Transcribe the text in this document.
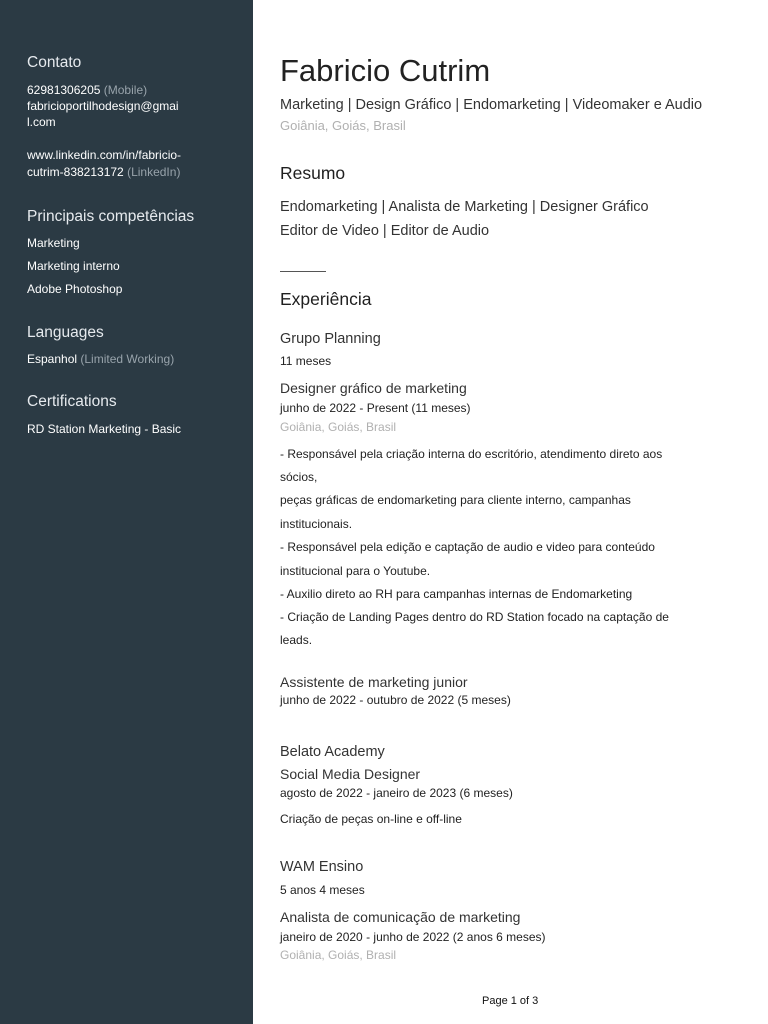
Contato
62981306205 (Mobile)
fabricioportilhodesign@gmai
l.com
www.linkedin.com/in/fabricio-
cutrim-838213172 (LinkedIn)
Principais competências
Marketing
Marketing interno
Adobe Photoshop
Languages
Espanhol (Limited Working)
Certifications
RD Station Marketing - Basic
Fabricio Cutrim
Marketing | Design Gráfico | Endomarketing | Videomaker e Audio
Goiânia, Goiás, Brasil
Resumo
Endomarketing | Analista de Marketing | Designer Gráfico
Editor de Video | Editor de Audio
Experiência
Grupo Planning
11 meses
Designer gráfico de marketing
junho de 2022 - Present (11 meses)
Goiânia, Goiás, Brasil
- Responsável pela criação interna do escritório, atendimento direto aos
sócios,
peças gráficas de endomarketing para cliente interno, campanhas
institucionais.
- Responsável pela edição e captação de audio e video para conteúdo
institucional para o Youtube.
- Auxilio direto ao RH para campanhas internas de Endomarketing
- Criação de Landing Pages dentro do RD Station focado na captação de
leads.
Assistente de marketing junior
junho de 2022 - outubro de 2022 (5 meses)
Belato Academy
Social Media Designer
agosto de 2022 - janeiro de 2023 (6 meses)
Criação de peças on-line e off-line
WAM Ensino
5 anos 4 meses
Analista de comunicação de marketing
janeiro de 2020 - junho de 2022 (2 anos 6 meses)
Goiânia, Goiás, Brasil
Page 1 of 3
